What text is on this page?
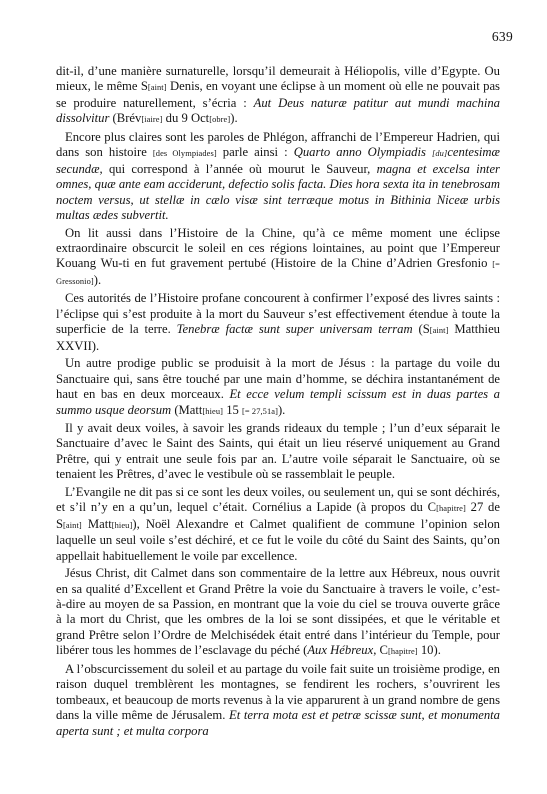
639

dit-il, d’une manière surnaturelle, lorsqu’il demeurait à Héliopolis, ville d’Egypte. Ou mieux, le même S[aint] Denis, en voyant une éclipse à un moment où elle ne pouvait pas se produire naturellement, s’écria : Aut Deus naturæ patitur aut mundi machina dissolvitur (Brév[iaire] du 9 Oct[obre]).

Encore plus claires sont les paroles de Phlégon, affranchi de l’Empereur Hadrien, qui dans son histoire [des Olympiades] parle ainsi : Quarto anno Olympiadis [du]centesimæ secundæ, qui correspond à l’année où mourut le Sauveur, magna et excelsa inter omnes, quæ ante eam acciderunt, defectio solis facta. Dies hora sexta ita in tenebrosam noctem versus, ut stellæ in cælo visæ sint terræque motus in Bithinia Niceæ urbis multas ædes subvertit.

On lit aussi dans l’Histoire de la Chine, qu’à ce même moment une éclipse extraordinaire obscurcit le soleil en ces régions lointaines, au point que l’Empereur Kouang Wu-ti en fut gravement pertubé (Histoire de la Chine d’Adrien Gresfonio [= Gressonio]).

Ces autorités de l’Histoire profane concourent à confirmer l’exposé des livres saints : l’éclipse qui s’est produite à la mort du Sauveur s’est effectivement étendue à toute la superficie de la terre. Tenebræ factæ sunt super universam terram (S[aint] Matthieu XXVII).

Un autre prodige public se produisit à la mort de Jésus : la partage du voile du Sanctuaire qui, sans être touché par une main d’homme, se déchira instantanément de haut en bas en deux morceaux. Et ecce velum templi scissum est in duas partes a summo usque deorsum (Matt[hieu] 15 [= 27,51a]).

Il y avait deux voiles, à savoir les grands rideaux du temple ; l’un d’eux séparait le Sanctuaire d’avec le Saint des Saints, qui était un lieu réservé uniquement au Grand Prêtre, qui y entrait une seule fois par an. L’autre voile séparait le Sanctuaire, où se tenaient les Prêtres, d’avec le vestibule où se rassemblait le peuple.

L’Evangile ne dit pas si ce sont les deux voiles, ou seulement un, qui se sont déchirés, et s’il n’y en a qu’un, lequel c’était. Cornélius a Lapide (à propos du C[hapitre] 27 de S[aint] Matt[hieu]), Noël Alexandre et Calmet qualifient de commune l’opinion selon laquelle un seul voile s’est déchiré, et ce fut le voile du côté du Saint des Saints, qu’on appellait habituellement le voile par excellence.

Jésus Christ, dit Calmet dans son commentaire de la lettre aux Hébreux, nous ouvrit en sa qualité d’Excellent et Grand Prêtre la voie du Sanctuaire à travers le voile, c’est-à-dire au moyen de sa Passion, en montrant que la voie du ciel se trouva ouverte grâce à la mort du Christ, que les ombres de la loi se sont dissipées, et que le véritable et grand Prêtre selon l’Ordre de Melchisédek était entré dans l’intérieur du Temple, pour libérer tous les hommes de l’esclavage du péché (Aux Hébreux, C[hapitre] 10).

A l’obscurcissement du soleil et au partage du voile fait suite un troisième prodige, en raison duquel tremblèrent les montagnes, se fendirent les rochers, s’ouvrirent les tombeaux, et beaucoup de morts revenus à la vie apparurent à un grand nombre de gens dans la ville même de Jérusalem. Et terra mota est et petræ scissæ sunt, et monumenta aperta sunt ; et multa corpora
